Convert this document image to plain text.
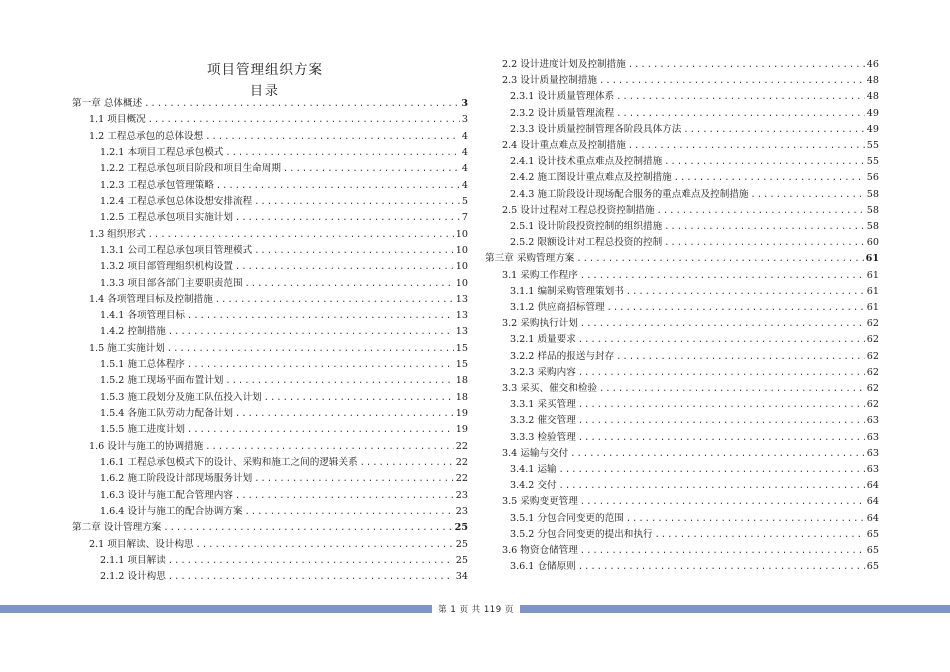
项目管理组织方案
目录
第一章 总体概述 .....	3
1.1 项目概况 .....	3
1.2 工程总承包的总体设想 .....	4
1.2.1 本项目工程总承包模式 .....	4
1.2.2 工程总承包项目阶段和项目生命周期 .....	4
1.2.3 工程总承包管理策略 .....	4
1.2.4 工程总承包总体设想安排流程 .....	5
1.2.5 工程总承包项目实施计划 .....	7
1.3 组织形式 .....	10
1.3.1 公司工程总承包项目管理模式 .....	10
1.3.2 项目部管理组织机构设置 .....	10
1.3.3 项目部各部门主要职责范围 .....	10
1.4 各项管理目标及控制措施 .....	13
1.4.1 各项管理目标 .....	13
1.4.2 控制措施 .....	13
1.5 施工实施计划 .....	15
1.5.1 施工总体程序 .....	15
1.5.2 施工现场平面布置计划 .....	18
1.5.3 施工段划分及施工队伍投入计划 .....	18
1.5.4 各施工队劳动力配备计划 .....	19
1.5.5 施工进度计划 .....	19
1.6 设计与施工的协调措施 .....	22
1.6.1 工程总承包模式下的设计、采购和施工之间的逻辑关系 .....	22
1.6.2 施工阶段设计部现场服务计划 .....	22
1.6.3 设计与施工配合管理内容 .....	23
1.6.4 设计与施工的配合协调方案 .....	23
第二章 设计管理方案 .....	25
2.1 项目解读、设计构思 .....	25
2.1.1 项目解读 .....	25
2.1.2 设计构思 .....	34
2.2 设计进度计划及控制措施 .....	46
2.3 设计质量控制措施 .....	48
2.3.1 设计质量管理体系 .....	48
2.3.2 设计质量管理流程 .....	49
2.3.3 设计质量控制管理各阶段具体方法 .....	49
2.4 设计重点难点及控制措施 .....	55
2.4.1 设计技术重点难点及控制措施 .....	55
2.4.2 施工图设计重点难点及控制措施 .....	56
2.4.3 施工阶段设计现场配合服务的重点难点及控制措施 .....	58
2.5 设计过程对工程总投资控制措施 .....	58
2.5.1 设计阶段投资控制的组织措施 .....	58
2.5.2 限额设计对工程总投资的控制 .....	60
第三章 采购管理方案 .....	61
3.1 采购工作程序 .....	61
3.1.1 编制采购管理策划书 .....	61
3.1.2 供应商招标管理 .....	61
3.2 采购执行计划 .....	62
3.2.1 质量要求 .....	62
3.2.2 样品的报送与封存 .....	62
3.2.3 采购内容 .....	62
3.3 采买、催交和检验 .....	62
3.3.1 采买管理 .....	62
3.3.2 催交管理 .....	63
3.3.3 检验管理 .....	63
3.4 运输与交付 .....	63
3.4.1 运输 .....	63
3.4.2 交付 .....	64
3.5 采购变更管理 .....	64
3.5.1 分包合同变更的范围 .....	64
3.5.2 分包合同变更的提出和执行 .....	65
3.6 物资仓储管理 .....	65
3.6.1 仓储原则 .....	65
第 1 页 共 119 页
